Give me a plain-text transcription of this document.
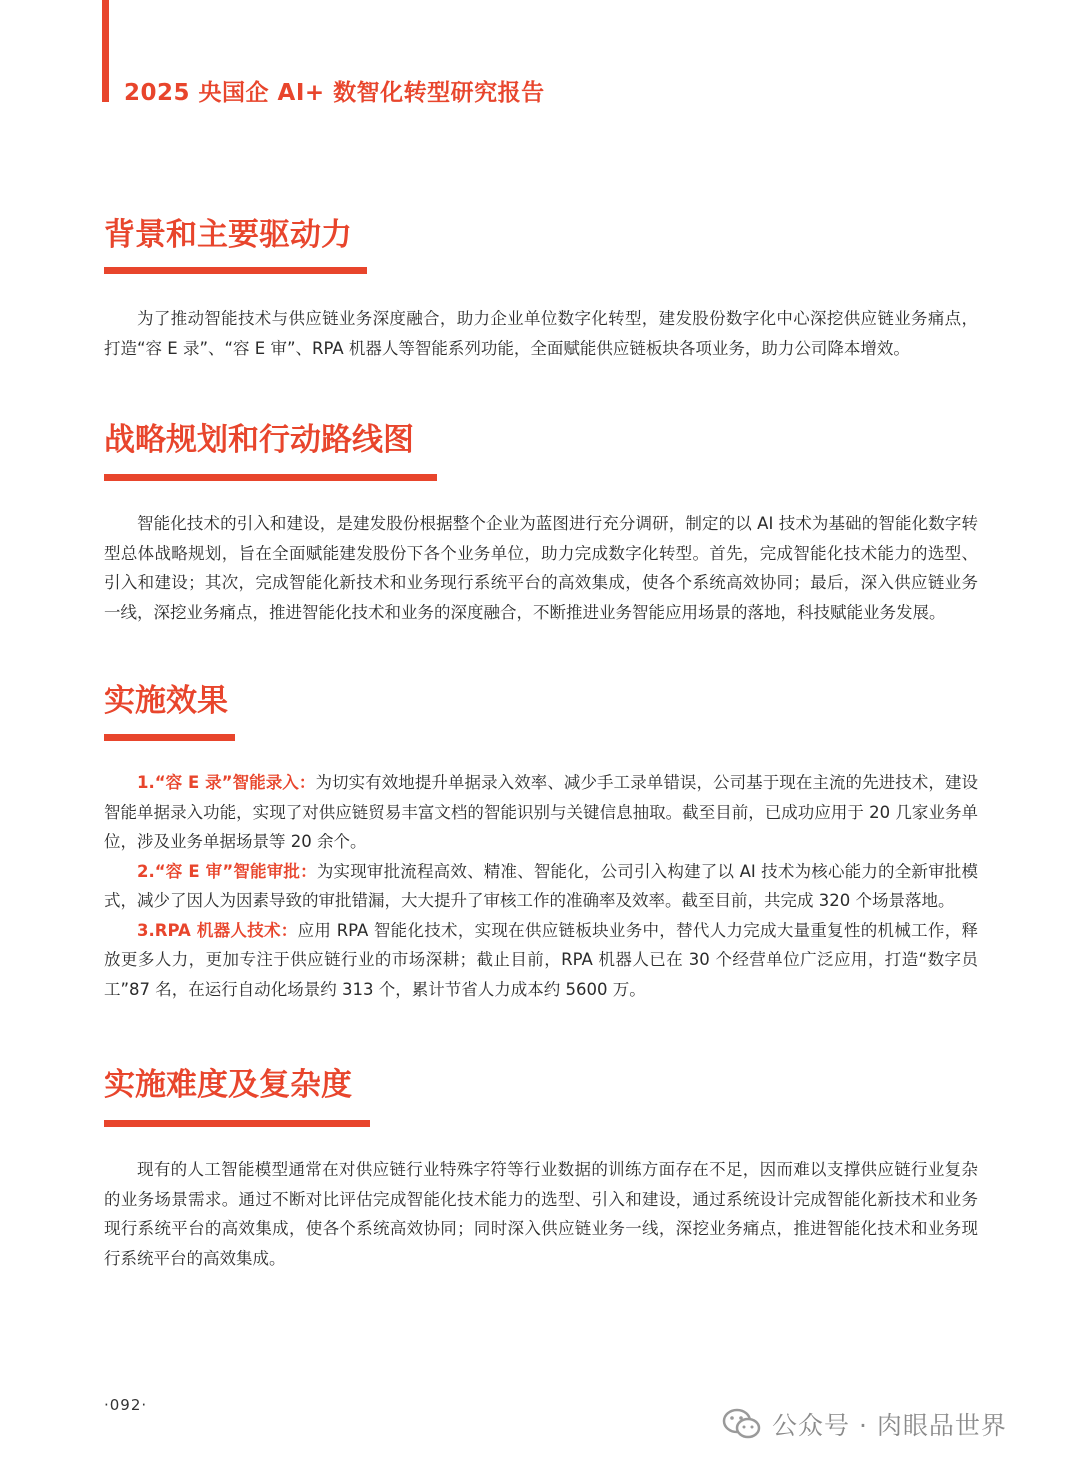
2025 央国企 AI+ 数智化转型研究报告
背景和主要驱动力

为了推动智能技术与供应链业务深度融合，助力企业单位数字化转型，建发股份数字化中心深挖供应链业务痛点，打造“容 E 录”、“容 E 审”、RPA 机器人等智能系列功能，全面赋能供应链板块各项业务，助力公司降本增效。

战略规划和行动路线图

智能化技术的引入和建设，是建发股份根据整个企业为蓝图进行充分调研，制定的以 AI 技术为基础的智能化数字转型总体战略规划，旨在全面赋能建发股份下各个业务单位，助力完成数字化转型。首先，完成智能化技术能力的选型、引入和建设；其次，完成智能化新技术和业务现行系统平台的高效集成，使各个系统高效协同；最后，深入供应链业务一线，深挖业务痛点，推进智能化技术和业务的深度融合，不断推进业务智能应用场景的落地，科技赋能业务发展。

实施效果

1.“容 E 录”智能录入：为切实有效地提升单据录入效率、减少手工录单错误，公司基于现在主流的先进技术，建设智能单据录入功能，实现了对供应链贸易丰富文档的智能识别与关键信息抽取。截至目前，已成功应用于 20 几家业务单位，涉及业务单据场景等 20 余个。

2.“容 E 审”智能审批：为实现审批流程高效、精准、智能化，公司引入构建了以 AI 技术为核心能力的全新审批模式，减少了因人为因素导致的审批错漏，大大提升了审核工作的准确率及效率。截至目前，共完成 320 个场景落地。

3.RPA 机器人技术：应用 RPA 智能化技术，实现在供应链板块业务中，替代人力完成大量重复性的机械工作，释放更多人力，更加专注于供应链行业的市场深耕；截止目前，RPA 机器人已在 30 个经营单位广泛应用，打造“数字员工”87 名，在运行自动化场景约 313 个，累计节省人力成本约 5600 万。

实施难度及复杂度

现有的人工智能模型通常在对供应链行业特殊字符等行业数据的训练方面存在不足，因而难以支撑供应链行业复杂的业务场景需求。通过不断对比评估完成智能化技术能力的选型、引入和建设，通过系统设计完成智能化新技术和业务现行系统平台的高效集成，使各个系统高效协同；同时深入供应链业务一线，深挖业务痛点，推进智能化技术和业务现行系统平台的高效集成。

·092·
公众号 · 肉眼品世界
